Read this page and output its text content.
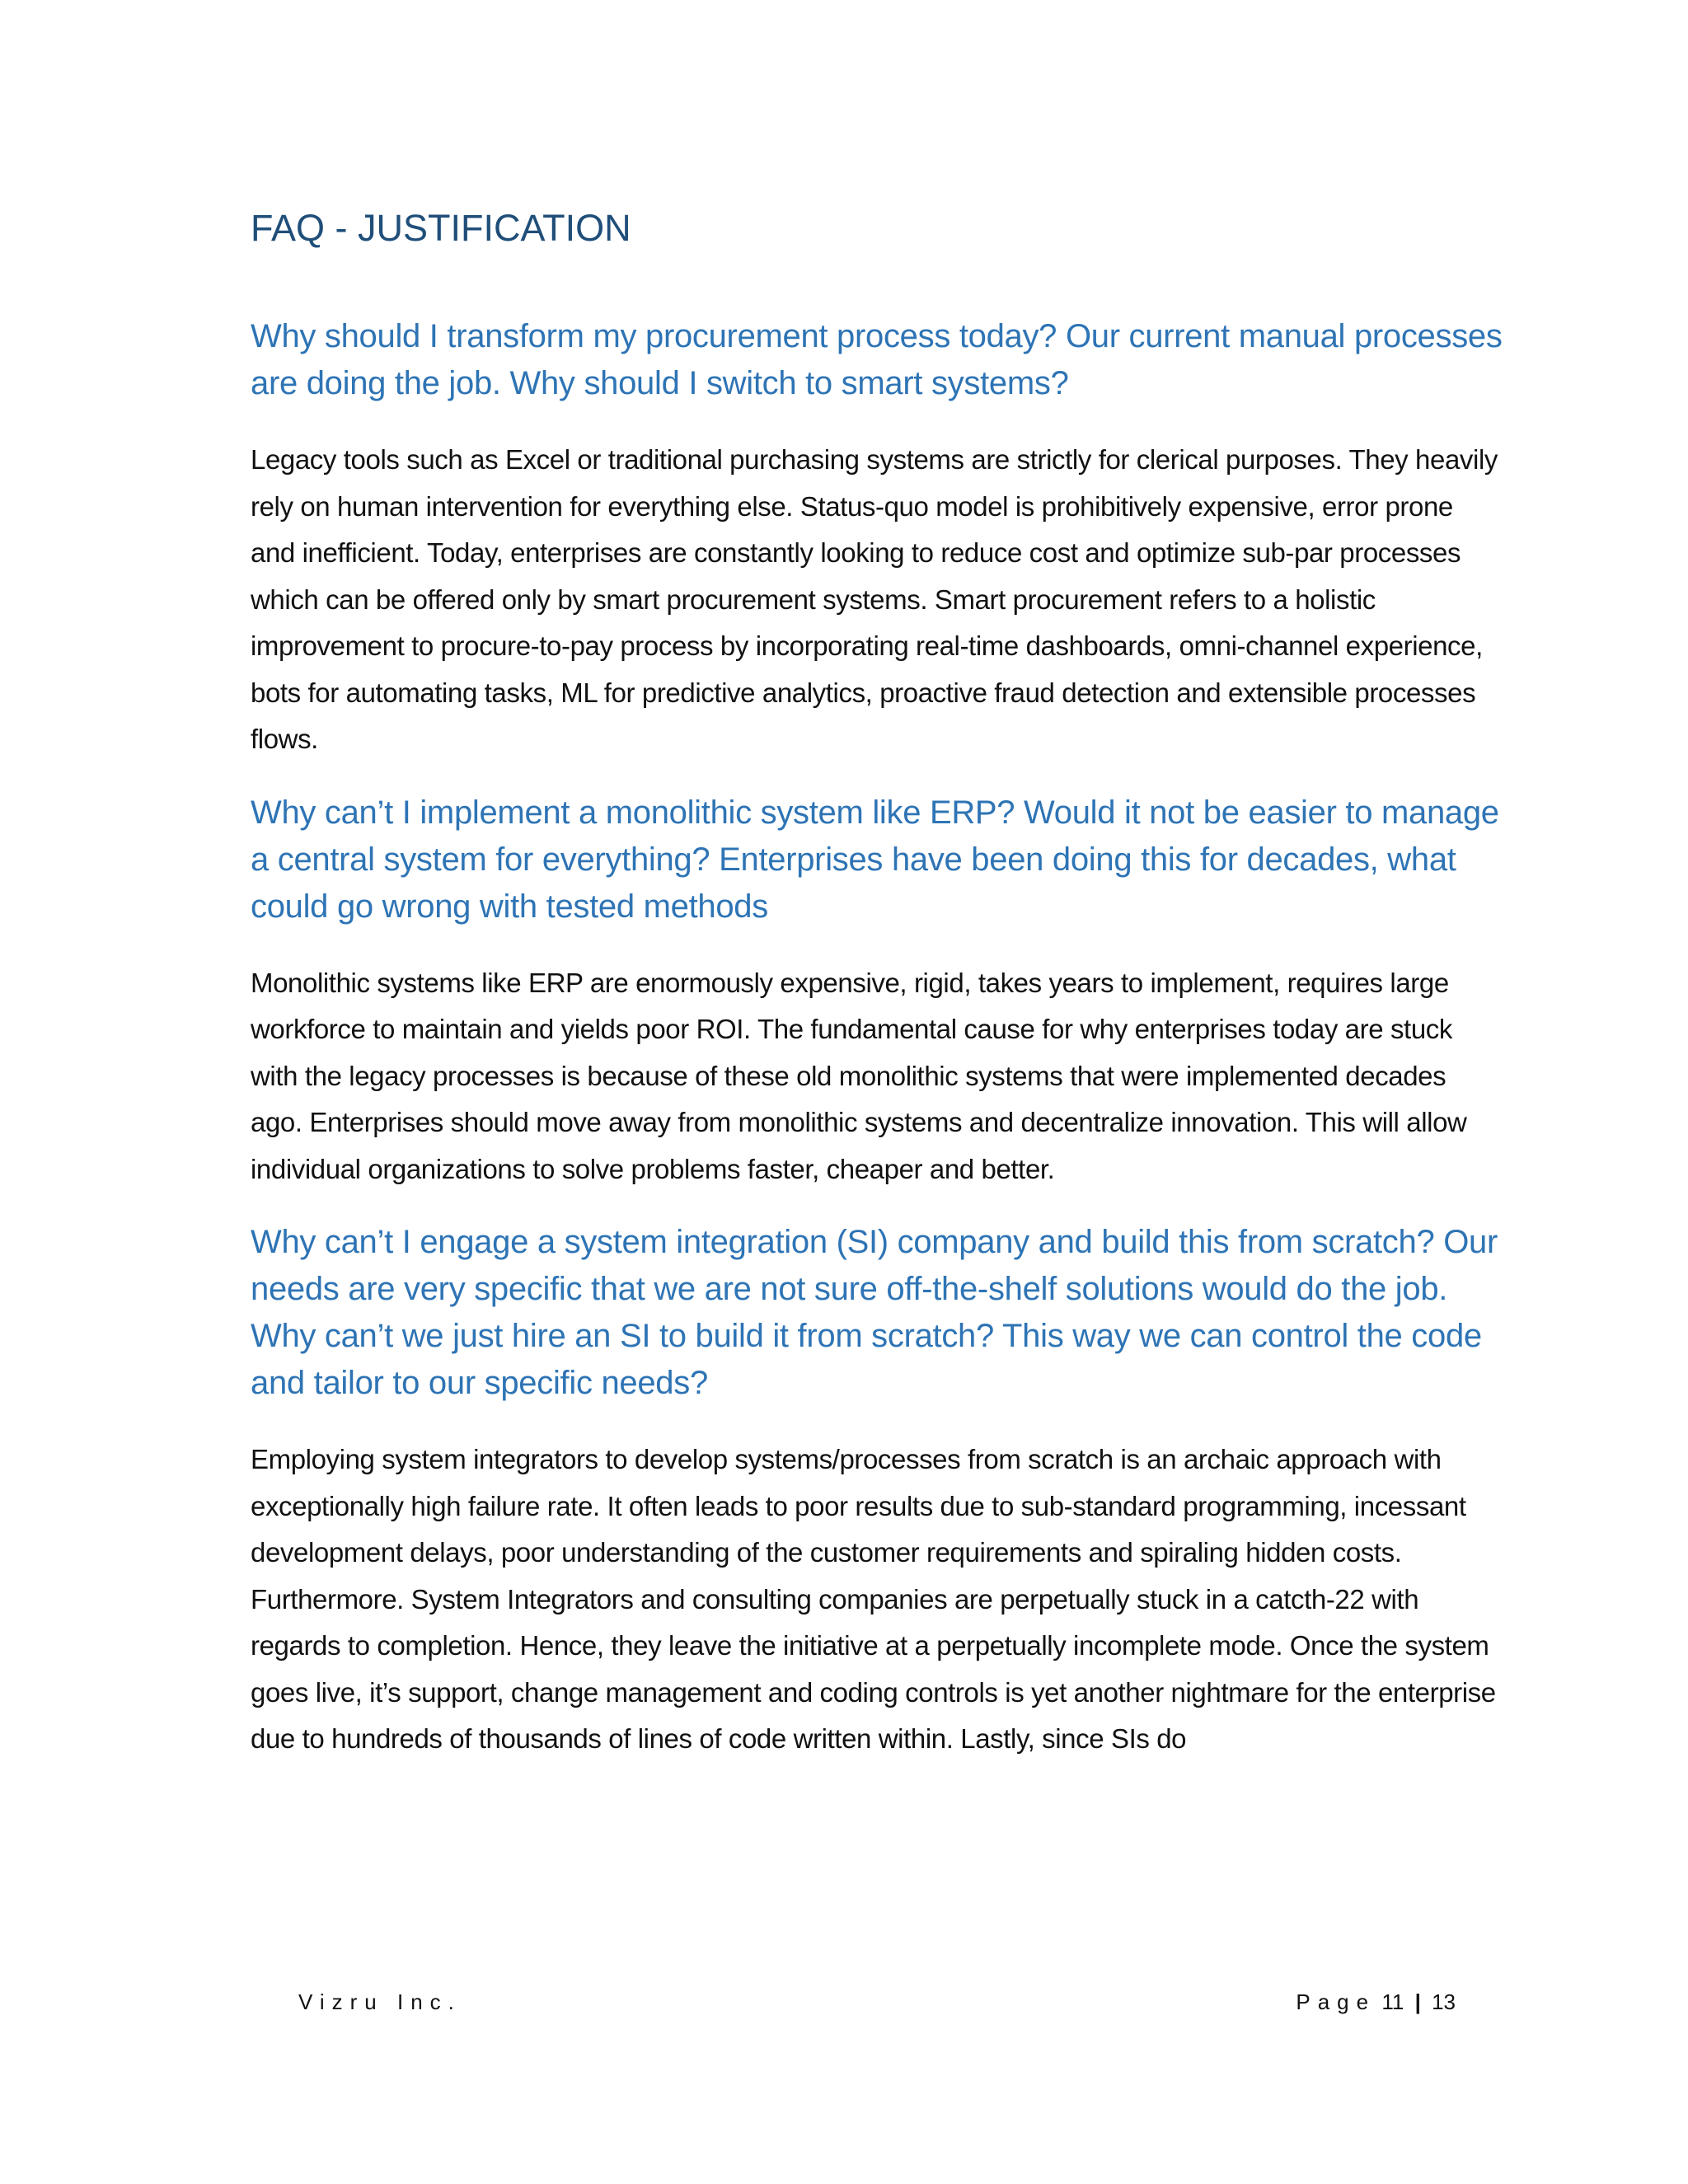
FAQ - JUSTIFICATION
Why should I transform my procurement process today? Our current manual processes are doing the job. Why should I switch to smart systems?

Legacy tools such as Excel or traditional purchasing systems are strictly for clerical purposes. They heavily rely on human intervention for everything else. Status-quo model is prohibitively expensive, error prone and inefficient. Today, enterprises are constantly looking to reduce cost and optimize sub-par processes which can be offered only by smart procurement systems. Smart procurement refers to a holistic improvement to procure-to-pay process by incorporating real-time dashboards, omni-channel experience, bots for automating tasks, ML for predictive analytics, proactive fraud detection and extensible processes flows.

Why can’t I implement a monolithic system like ERP? Would it not be easier to manage a central system for everything? Enterprises have been doing this for decades, what could go wrong with tested methods

Monolithic systems like ERP are enormously expensive, rigid, takes years to implement, requires large workforce to maintain and yields poor ROI. The fundamental cause for why enterprises today are stuck with the legacy processes is because of these old monolithic systems that were implemented decades ago. Enterprises should move away from monolithic systems and decentralize innovation. This will allow individual organizations to solve problems faster, cheaper and better.

Why can’t I engage a system integration (SI) company and build this from scratch? Our needs are very specific that we are not sure off-the-shelf solutions would do the job. Why can’t we just hire an SI to build it from scratch? This way we can control the code and tailor to our specific needs?

Employing system integrators to develop systems/processes from scratch is an archaic approach with exceptionally high failure rate. It often leads to poor results due to sub-standard programming, incessant development delays, poor understanding of the customer requirements and spiraling hidden costs. Furthermore. System Integrators and consulting companies are perpetually stuck in a catcth-22 with regards to completion. Hence, they leave the initiative at a perpetually incomplete mode. Once the system goes live, it’s support, change management and coding controls is yet another nightmare for the enterprise due to hundreds of thousands of lines of code written within. Lastly, since SIs do

Vizru Inc.	Page 11 | 13
